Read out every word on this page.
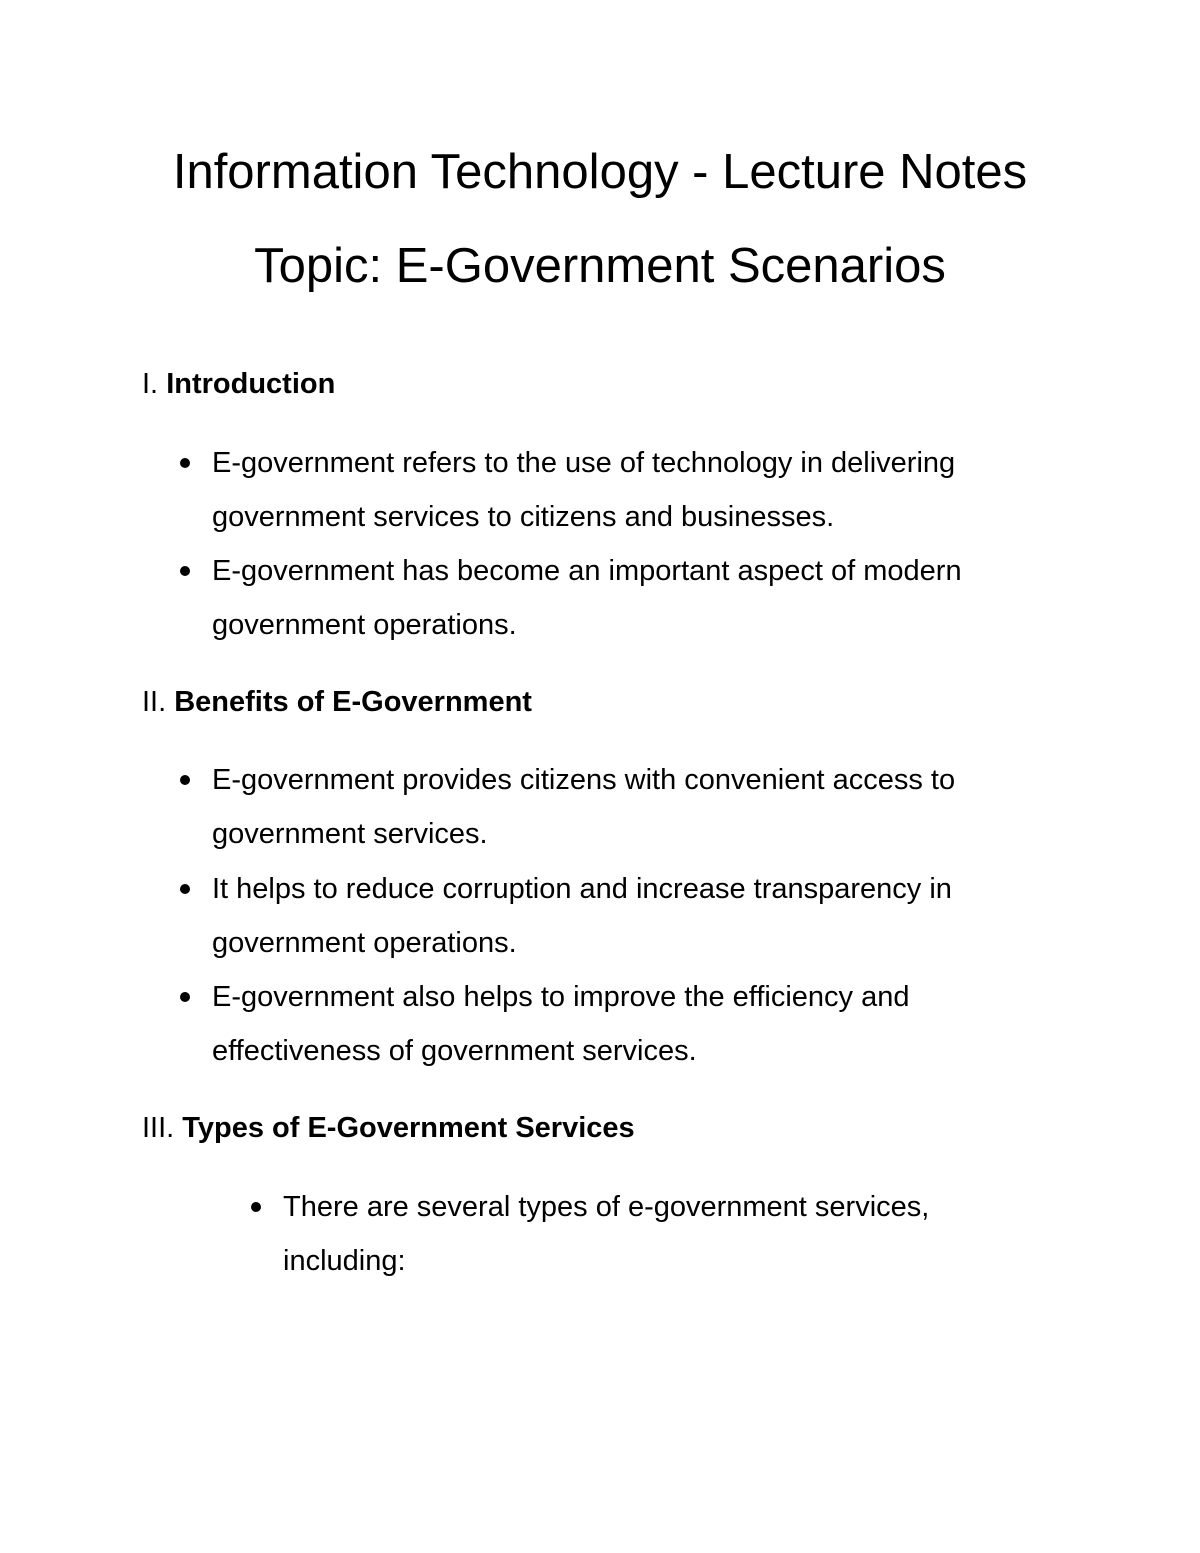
Information Technology - Lecture Notes
Topic: E-Government Scenarios
I. Introduction
E-government refers to the use of technology in delivering government services to citizens and businesses.
E-government has become an important aspect of modern government operations.
II. Benefits of E-Government
E-government provides citizens with convenient access to government services.
It helps to reduce corruption and increase transparency in government operations.
E-government also helps to improve the efficiency and effectiveness of government services.
III. Types of E-Government Services
There are several types of e-government services, including:
